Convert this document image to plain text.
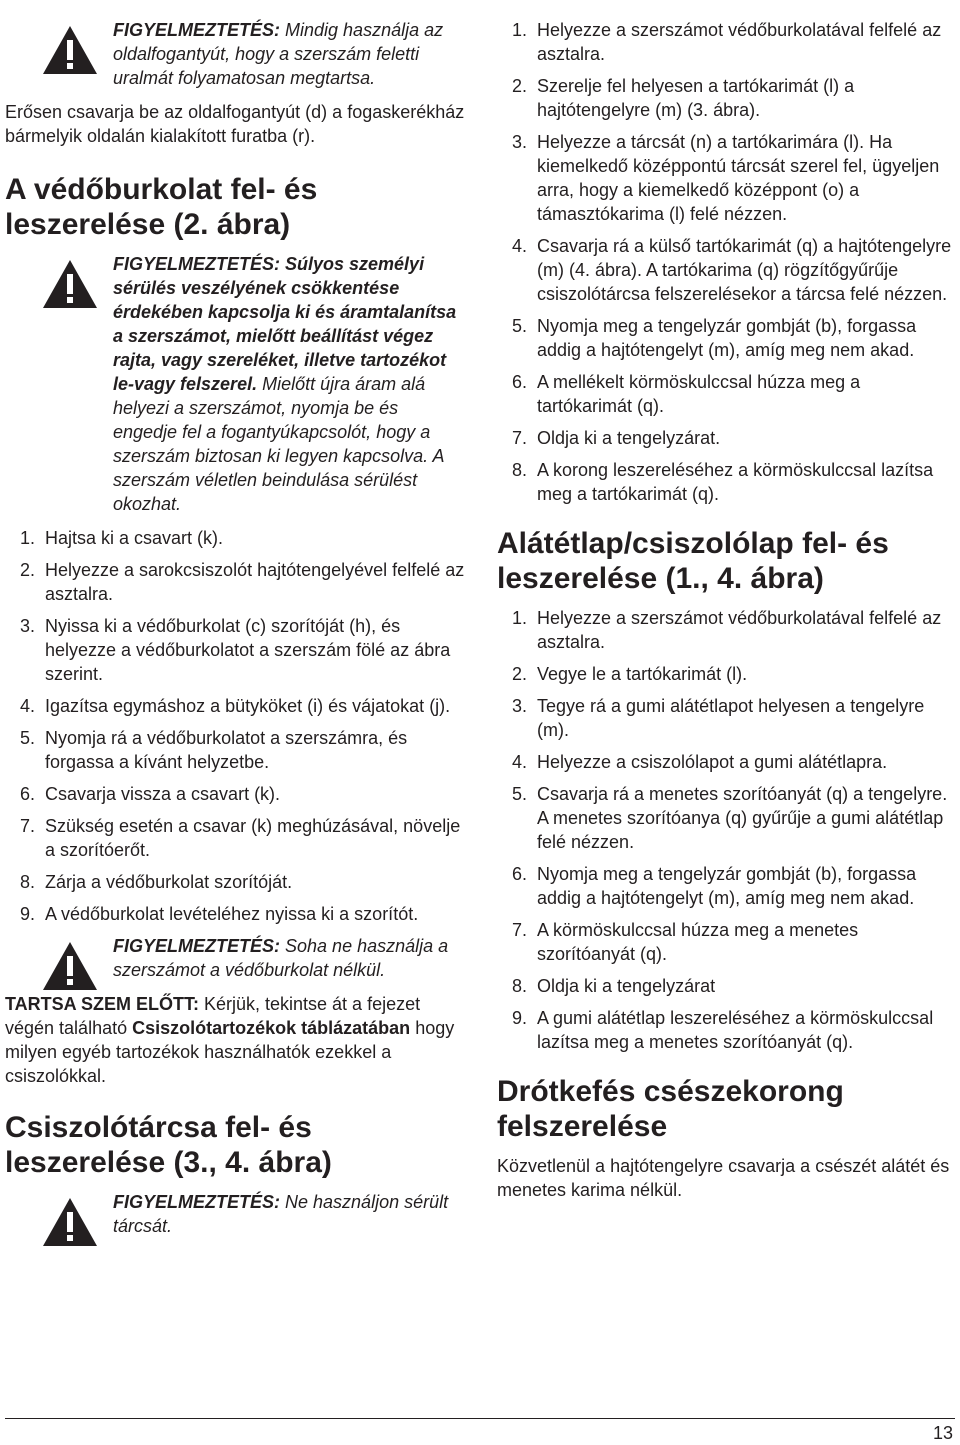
FIGYELMEZTETÉS: Mindig használja az oldalfogantyút, hogy a szerszám feletti uralmát folyamatosan megtartsa.

Erősen csavarja be az oldalfogantyút (d) a fogaskerékház bármelyik oldalán kialakított furatba (r).

A védőburkolat fel- és leszerelése (2. ábra)

FIGYELMEZTETÉS: Súlyos személyi sérülés veszélyének csökkentése érdekében kapcsolja ki és áramtalanítsa a szerszámot, mielőtt beállítást végez rajta, vagy szereléket, illetve tartozékot le-vagy felszerel. Mielőtt újra áram alá helyezi a szerszámot, nyomja be és engedje fel a fogantyúkapcsolót, hogy a szerszám biztosan ki legyen kapcsolva. A szerszám véletlen beindulása sérülést okozhat.

1. Hajtsa ki a csavart (k).
2. Helyezze a sarokcsiszolót hajtótengelyével felfelé az asztalra.
3. Nyissa ki a védőburkolat (c) szorítóját (h), és helyezze a védőburkolatot a szerszám fölé az ábra szerint.
4. Igazítsa egymáshoz a bütyköket (i) és vájatokat (j).
5. Nyomja rá a védőburkolatot a szerszámra, és forgassa a kívánt helyzetbe.
6. Csavarja vissza a csavart (k).
7. Szükség esetén a csavar (k) meghúzásával, növelje a szorítóerőt.
8. Zárja a védőburkolat szorítóját.
9. A védőburkolat levételéhez nyissa ki a szorítót.

FIGYELMEZTETÉS: Soha ne használja a szerszámot a védőburkolat nélkül.

TARTSA SZEM ELŐTT: Kérjük, tekintse át a fejezet végén található Csiszolótartozékok táblázatában hogy milyen egyéb tartozékok használhatók ezekkel a csiszolókkal.

Csiszolótárcsa fel- és leszerelése (3., 4. ábra)

FIGYELMEZTETÉS: Ne használjon sérült tárcsát.

1. Helyezze a szerszámot védőburkolatával felfelé az asztalra.
2. Szerelje fel helyesen a tartókarimát (l) a hajtótengelyre (m) (3. ábra).
3. Helyezze a tárcsát (n) a tartókarimára (l). Ha kiemelkedő középpontú tárcsát szerel fel, ügyeljen arra, hogy a kiemelkedő középpont (o) a támasztókarima (l) felé nézzen.
4. Csavarja rá a külső tartókarimát (q) a hajtótengelyre (m) (4. ábra). A tartókarima (q) rögzítőgyűrűje csiszolótárcsa felszerelésekor a tárcsa felé nézzen.
5. Nyomja meg a tengelyzár gombját (b), forgassa addig a hajtótengelyt (m), amíg meg nem akad.
6. A mellékelt körmöskulccsal húzza meg a tartókarimát (q).
7. Oldja ki a tengelyzárat.
8. A korong leszereléséhez a körmöskulccsal lazítsa meg a tartókarimát (q).
Alátétlap/csiszolólap fel- és leszerelése (1., 4. ábra)
1. Helyezze a szerszámot védőburkolatával felfelé az asztalra.
2. Vegye le a tartókarimát (l).
3. Tegye rá a gumi alátétlapot helyesen a tengelyre (m).
4. Helyezze a csiszolólapot a gumi alátétlapra.
5. Csavarja rá a menetes szorítóanyát (q) a tengelyre. A menetes szorítóanya (q) gyűrűje a gumi alátétlap felé nézzen.
6. Nyomja meg a tengelyzár gombját (b), forgassa addig a hajtótengelyt (m), amíg meg nem akad.
7. A körmöskulccsal húzza meg a menetes szorítóanyát (q).
8. Oldja ki a tengelyzárat
9. A gumi alátétlap leszereléséhez a körmöskulccsal lazítsa meg a menetes szorítóanyát (q).
Drótkefés csészekorong felszerelése

Közvetlenül a hajtótengelyre csavarja a csészét alátét és menetes karima nélkül.

13
